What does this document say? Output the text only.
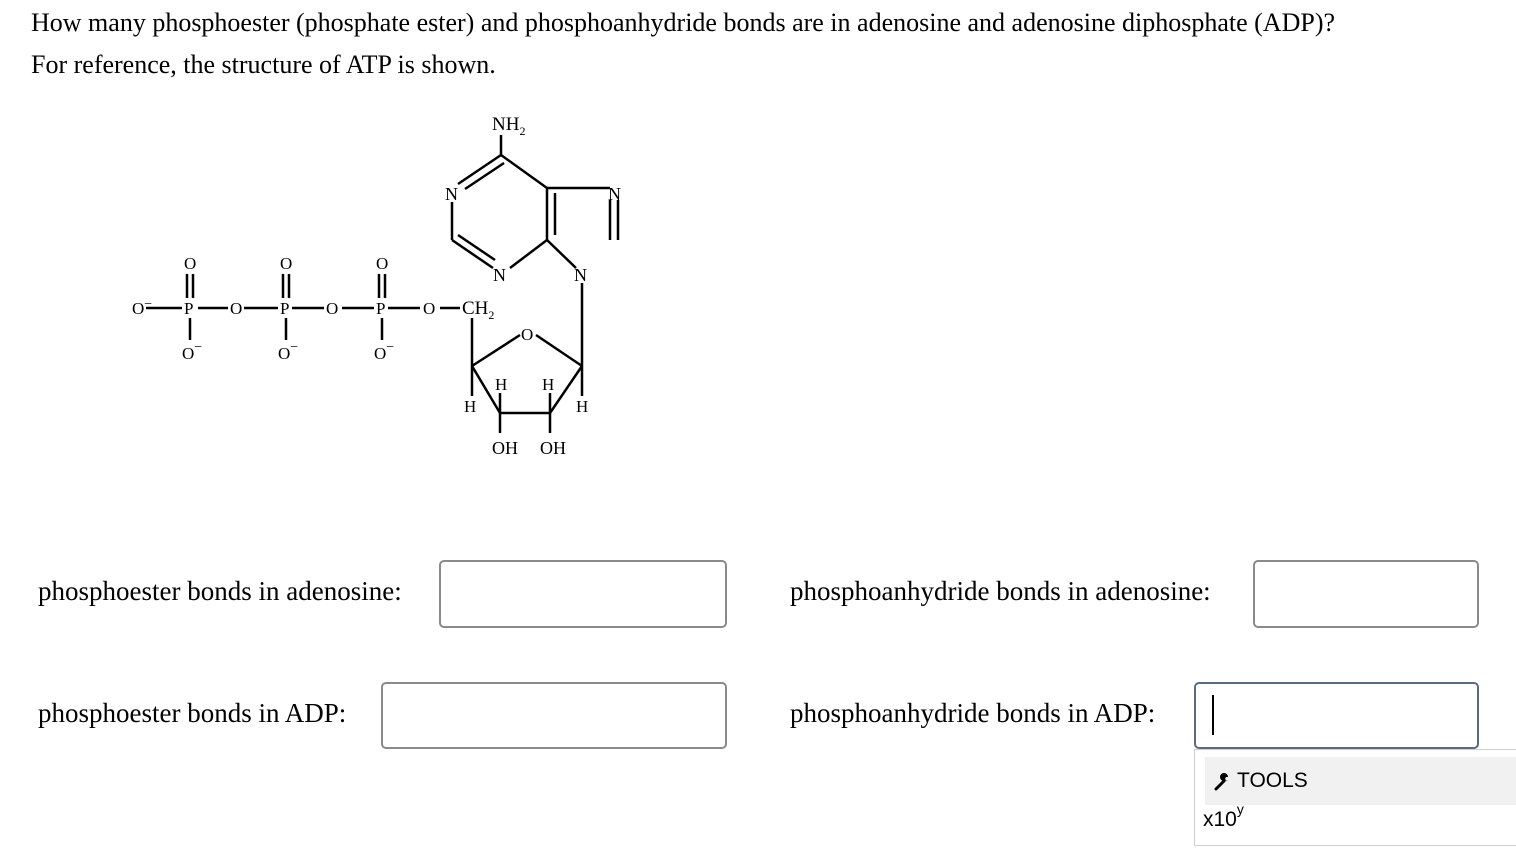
How many phosphoester (phosphate ester) and phosphoanhydride bonds are in adenosine and adenosine diphosphate (ADP)?

For reference, the structure of ATP is shown.

$NH_2$
N	N
N	N
O	O	O
O− P O P O P O $CH_2$
O−	O−	O−
O
H H
H	H
OH OH
phosphoester bonds in adenosine:	phosphoanhydride bonds in adenosine:
phosphoester bonds in ADP:	phosphoanhydride bonds in ADP:
TOOLS
x10$^y$
